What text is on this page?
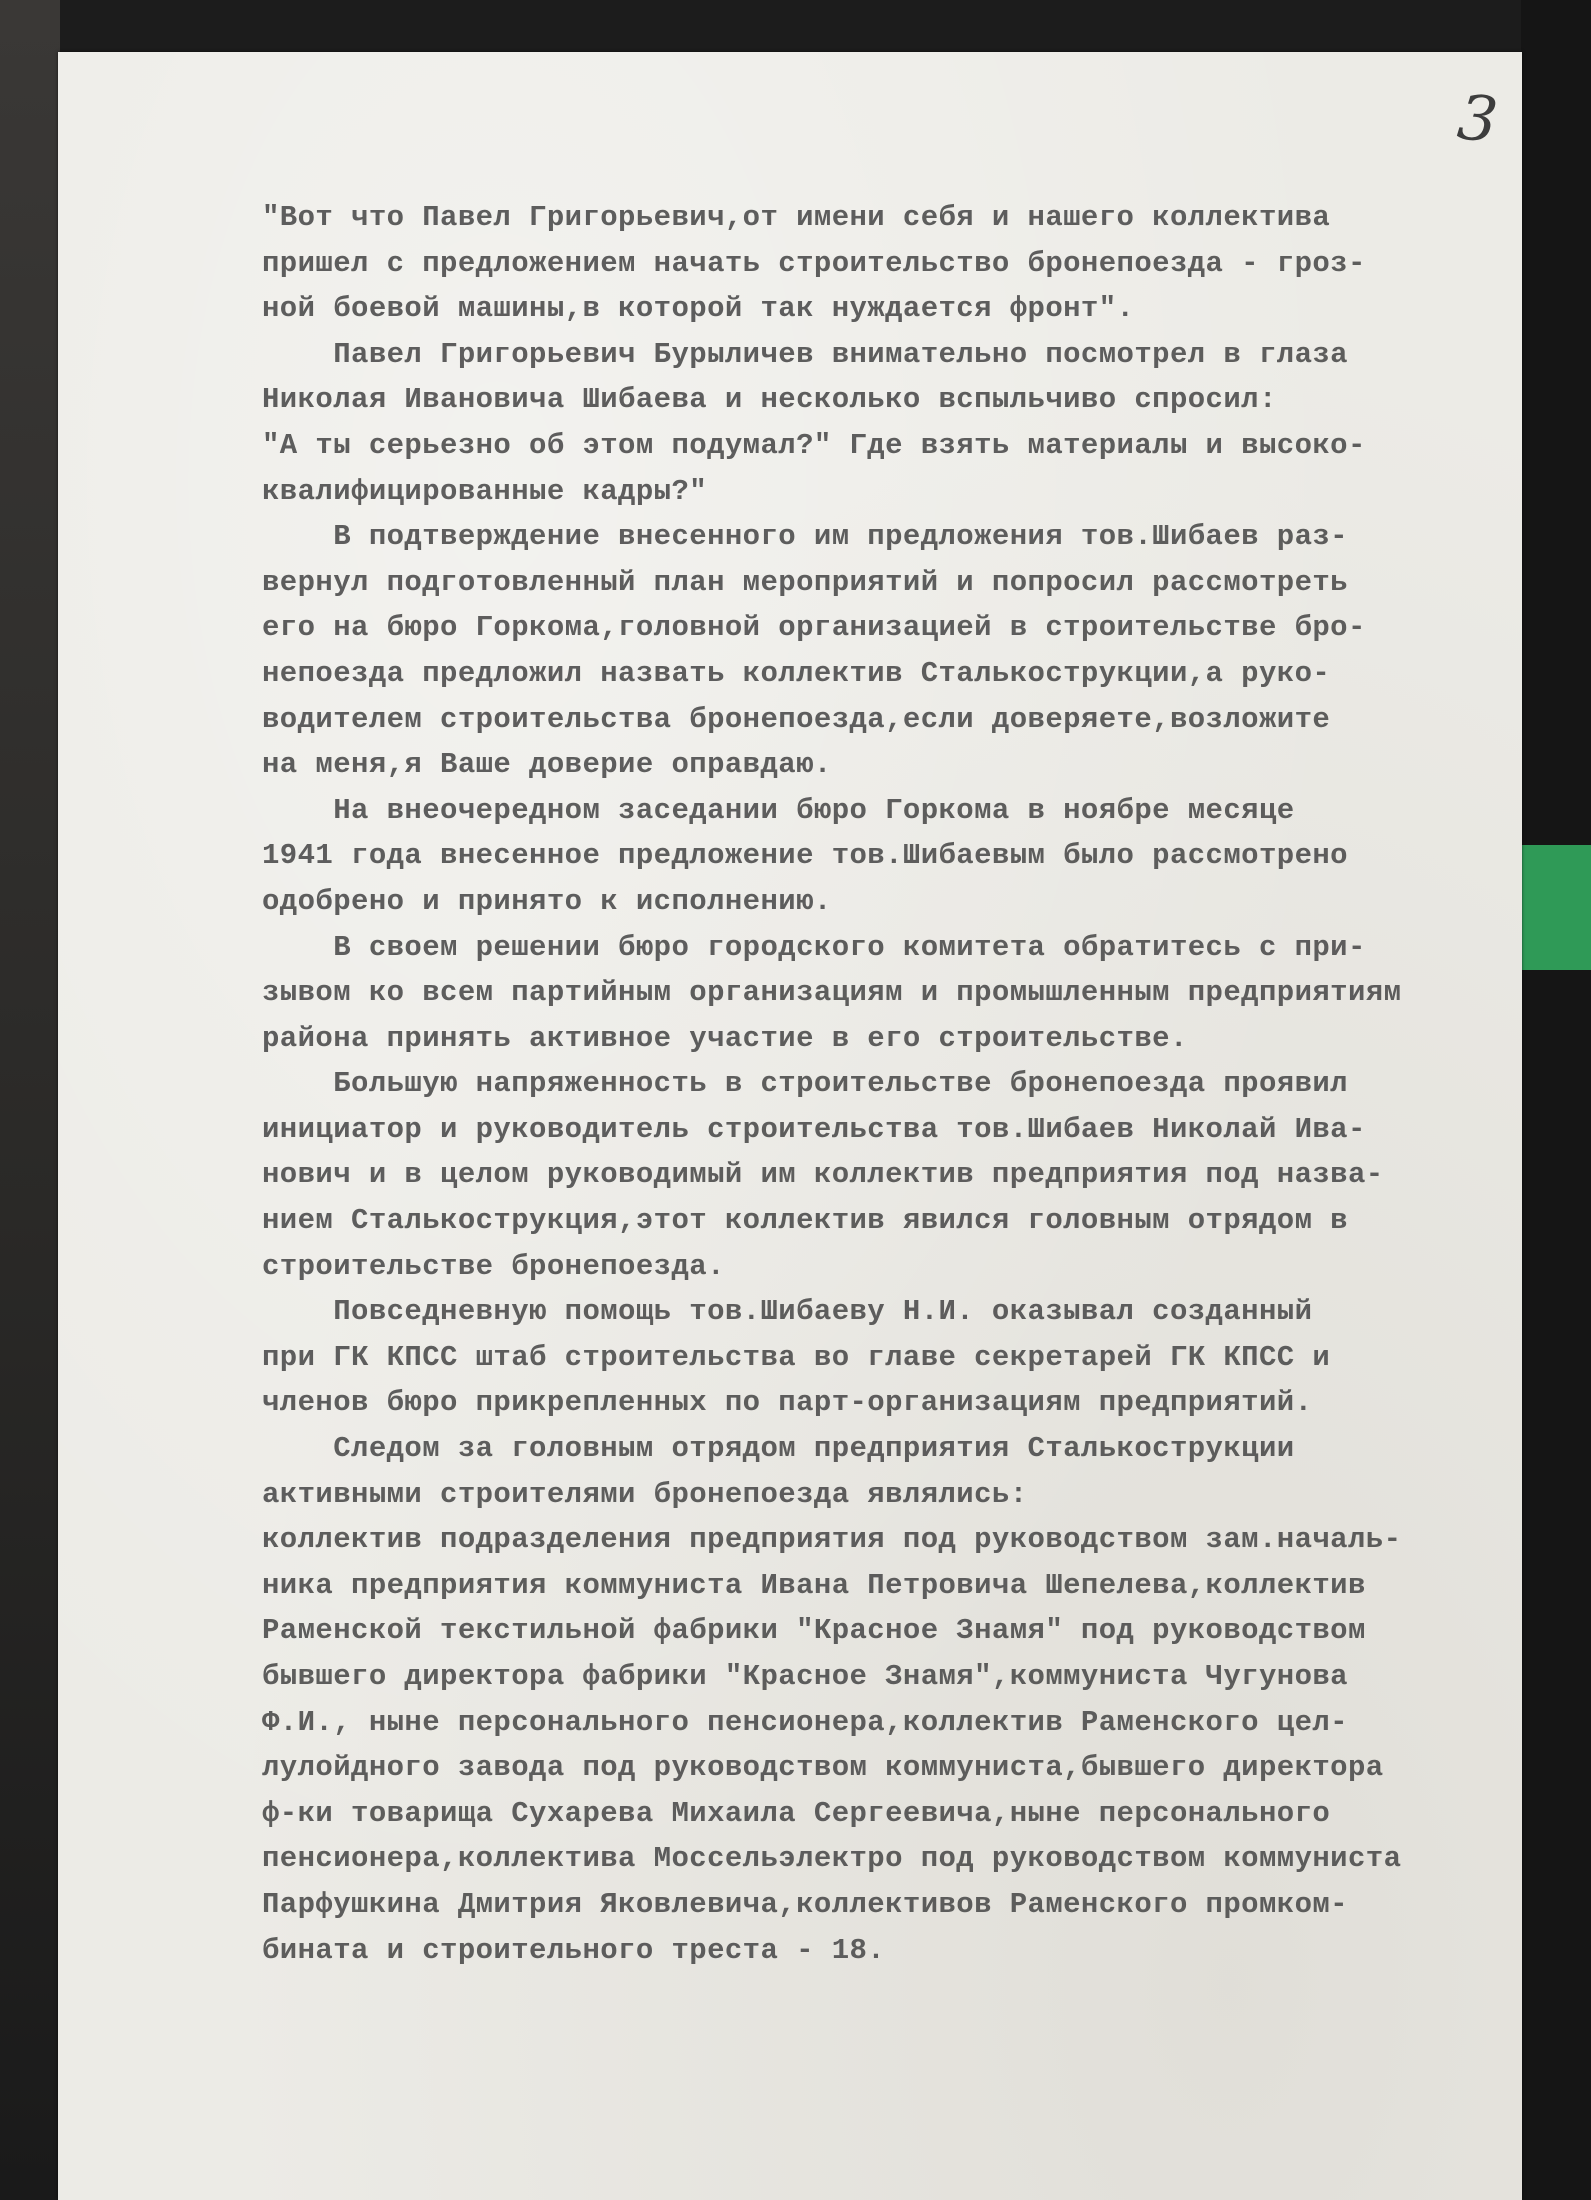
3
"Вот что Павел Григорьевич,от имени себя и нашего коллектива
пришел с предложением начать строительство бронепоезда - гроз-
ной боевой машины,в которой так нуждается фронт".
Павел Григорьевич Бурыличев внимательно посмотрел в глаза
Николая Ивановича Шибаева и несколько вспыльчиво спросил:
"А ты серьезно об этом подумал?" Где взять материалы и высоко-
квалифицированные кадры?"
В подтверждение внесенного им предложения тов.Шибаев раз-
вернул подготовленный план мероприятий и попросил рассмотреть
его на бюро Горкома,головной организацией в строительстве бро-
непоезда предложил назвать коллектив Сталькострукции,а руко-
водителем строительства бронепоезда,если доверяете,возложите
на меня,я Ваше доверие оправдаю.
На внеочередном заседании бюро Горкома в ноябре месяце
1941 года внесенное предложение тов.Шибаевым было рассмотрено
одобрено и принято к исполнению.
В своем решении бюро городского комитета обратитесь с при-
зывом ко всем партийным организациям и промышленным предприятиям
района принять активное участие в его строительстве.
Большую напряженность в строительстве бронепоезда проявил
инициатор и руководитель строительства тов.Шибаев Николай Ива-
нович и в целом руководимый им коллектив предприятия под назва-
нием Сталькострукция,этот коллектив явился головным отрядом в
строительстве бронепоезда.
Повседневную помощь тов.Шибаеву Н.И. оказывал созданный
при ГК КПСС штаб строительства во главе секретарей ГК КПСС и
членов бюро прикрепленных по парт-организациям предприятий.
Следом за головным отрядом предприятия Сталькострукции
активными строителями бронепоезда являлись:
коллектив подразделения предприятия под руководством зам.началь-
ника предприятия коммуниста Ивана Петровича Шепелева,коллектив
Раменской текстильной фабрики "Красное Знамя" под руководством
бывшего директора фабрики "Красное Знамя",коммуниста Чугунова
Ф.И., ныне персонального пенсионера,коллектив Раменского цел-
лулойдного завода под руководством коммуниста,бывшего директора
ф-ки товарища Сухарева Михаила Сергеевича,ныне персонального
пенсионера,коллектива Моссельэлектро под руководством коммуниста
Парфушкина Дмитрия Яковлевича,коллективов Раменского промком-
бината и строительного треста - 18.
